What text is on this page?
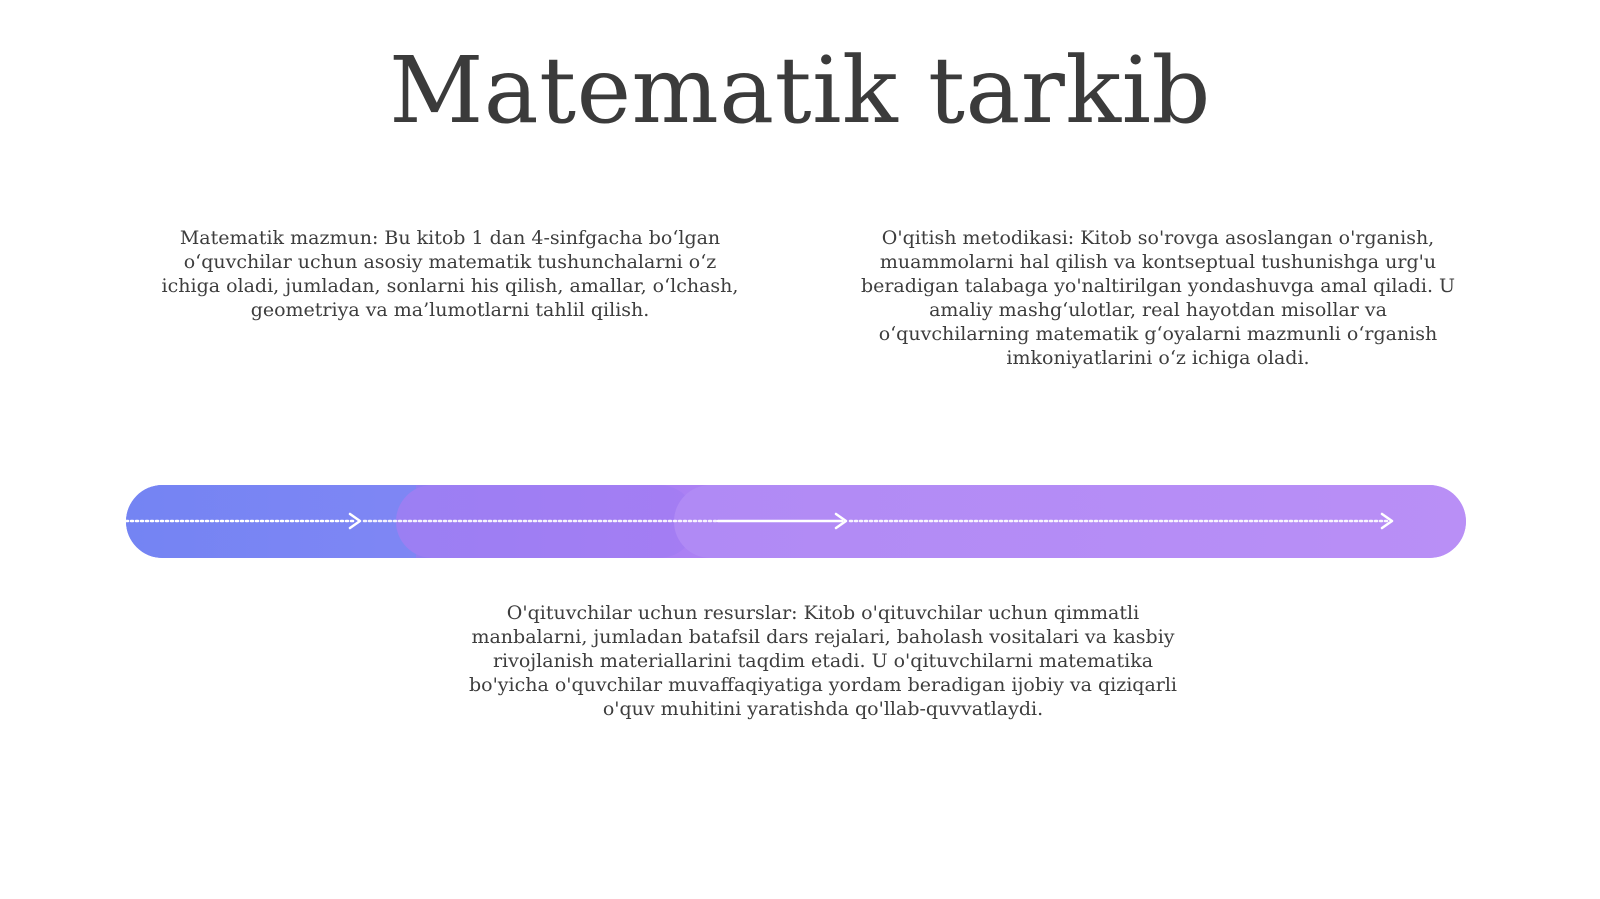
Matematik tarkib

Matematik mazmun: Bu kitob 1 dan 4-sinfgacha bo‘lgan o‘quvchilar uchun asosiy matematik tushunchalarni o‘z ichiga oladi, jumladan, sonlarni his qilish, amallar, o‘lchash, geometriya va ma’lumotlarni tahlil qilish.

O'qitish metodikasi: Kitob so'rovga asoslangan o'rganish, muammolarni hal qilish va kontseptual tushunishga urg'u beradigan talabaga yo'naltirilgan yondashuvga amal qiladi. U amaliy mashg‘ulotlar, real hayotdan misollar va o‘quvchilarning matematik g‘oyalarni mazmunli o‘rganish imkoniyatlarini o‘z ichiga oladi.

O'qituvchilar uchun resurslar: Kitob o'qituvchilar uchun qimmatli manbalarni, jumladan batafsil dars rejalari, baholash vositalari va kasbiy rivojlanish materiallarini taqdim etadi. U o'qituvchilarni matematika bo'yicha o'quvchilar muvaffaqiyatiga yordam beradigan ijobiy va qiziqarli o'quv muhitini yaratishda qo'llab-quvvatlaydi.
